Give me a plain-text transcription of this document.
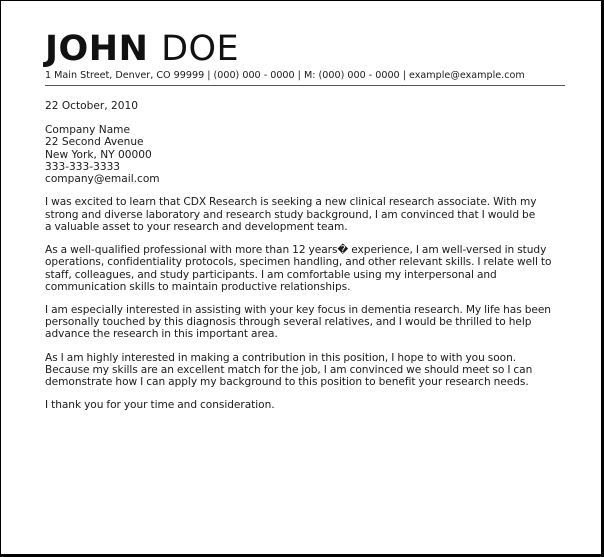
JOHN DOE
1 Main Street, Denver, CO 99999 | (000) 000 - 0000 | M: (000) 000 - 0000 | example@example.com
22 October, 2010
Company Name
22 Second Avenue
New York, NY 00000
333-333-3333
company@email.com
I was excited to learn that CDX Research is seeking a new clinical research associate. With my
strong and diverse laboratory and research study background, I am convinced that I would be
a valuable asset to your research and development team.
As a well-qualified professional with more than 12 years� experience, I am well-versed in study
operations, confidentiality protocols, specimen handling, and other relevant skills. I relate well to
staff, colleagues, and study participants. I am comfortable using my interpersonal and
communication skills to maintain productive relationships.
I am especially interested in assisting with your key focus in dementia research. My life has been
personally touched by this diagnosis through several relatives, and I would be thrilled to help
advance the research in this important area.
As I am highly interested in making a contribution in this position, I hope to with you soon.
Because my skills are an excellent match for the job, I am convinced we should meet so I can
demonstrate how I can apply my background to this position to benefit your research needs.
I thank you for your time and consideration.
